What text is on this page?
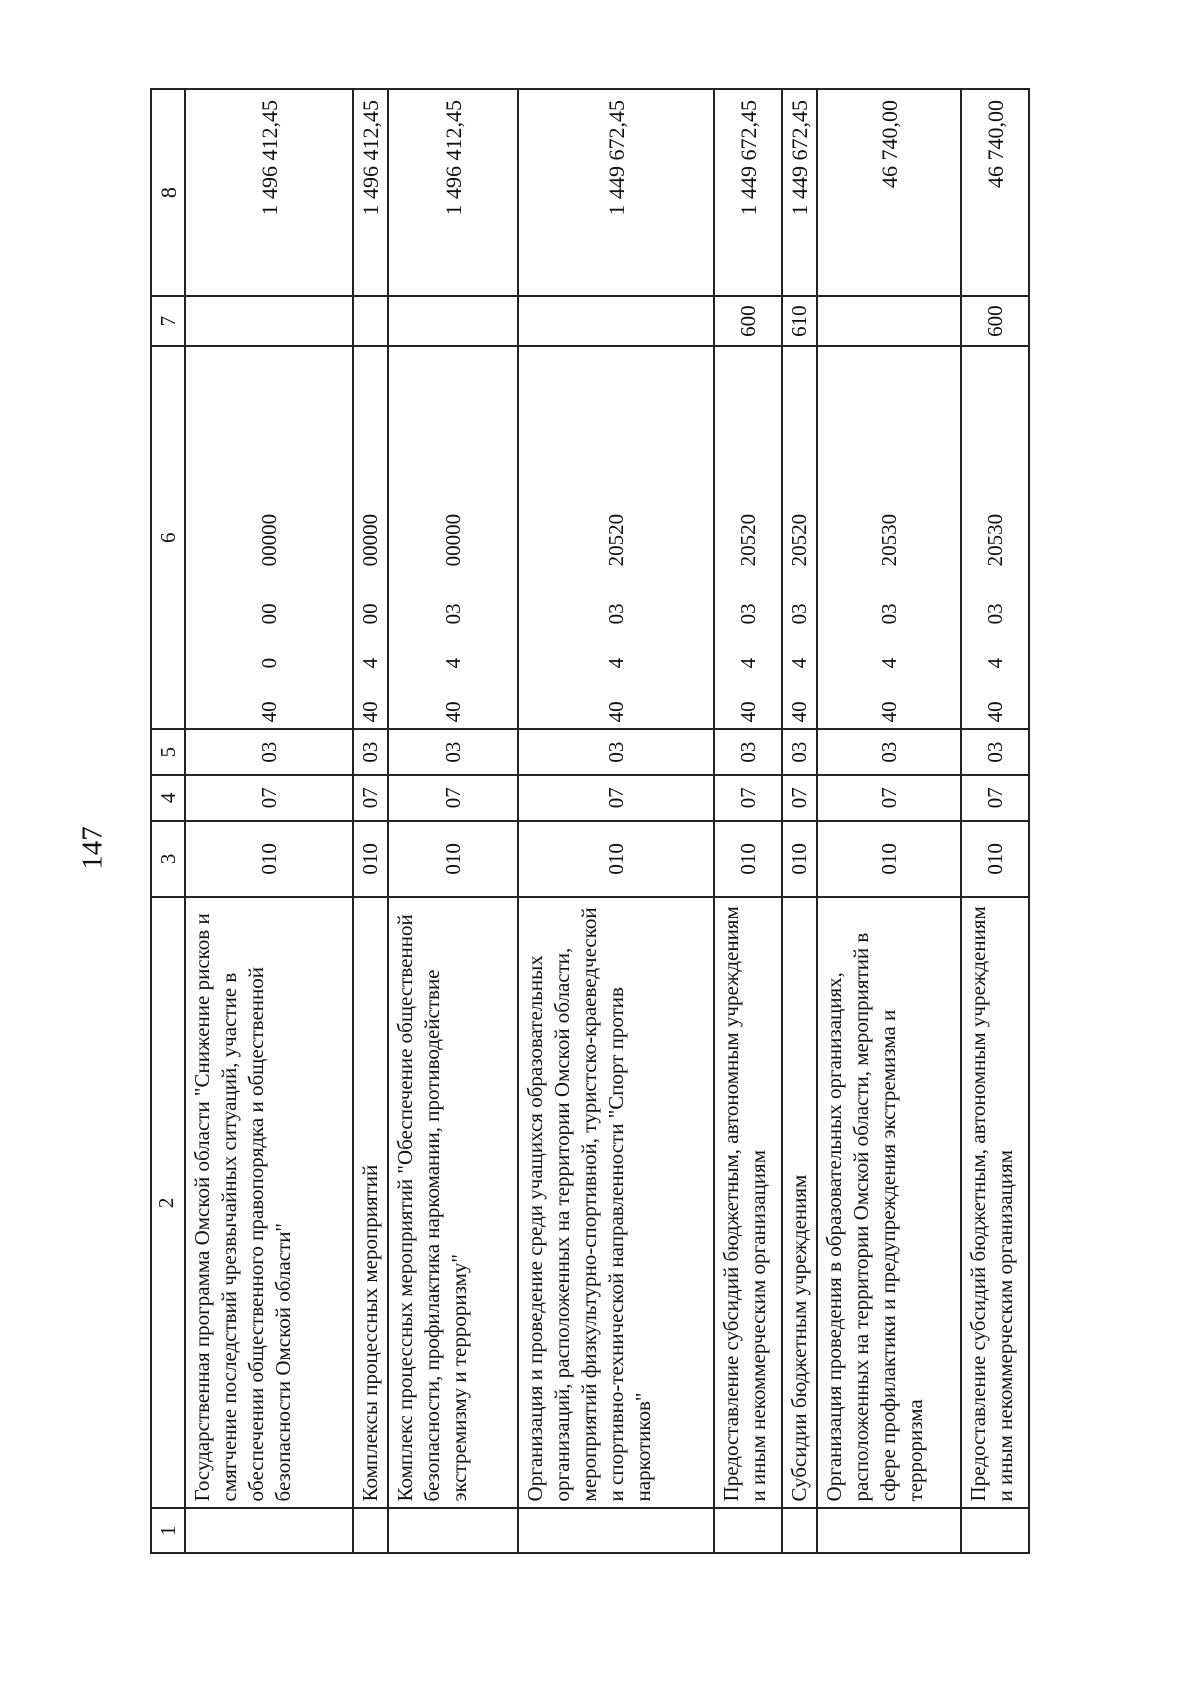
147
1	2	3	4	5	6	7	8
	Государственная программа Омской области "Снижение рисков и смягчение последствий чрезвычайных ситуаций, участие в обеспечении общественного правопорядка и общественной безопасности Омской области"	010	07	03	4000000000		1 496 412,45
	Комплексы процессных мероприятий	010	07	03	4040000000		1 496 412,45
	Комплекс процессных мероприятий "Обеспечение общественной безопасности, профилактика наркомании, противодействие экстремизму и терроризму"	010	07	03	4040300000		1 496 412,45
	Организация и проведение среди учащихся образовательных организаций, расположенных на территории Омской области, мероприятий физкультурно-спортивной, туристско-краеведческой и спортивно-технической направленности "Спорт против наркотиков"	010	07	03	4040320520		1 449 672,45
	Предоставление субсидий бюджетным, автономным учреждениям и иным некоммерческим организациям	010	07	03	4040320520	600	1 449 672,45
	Субсидии бюджетным учреждениям	010	07	03	4040320520	610	1 449 672,45
	Организация проведения в образовательных организациях, расположенных на территории Омской области, мероприятий в сфере профилактики и предупреждения экстремизма и терроризма	010	07	03	4040320530		46 740,00
	Предоставление субсидий бюджетным, автономным учреждениям и иным некоммерческим организациям	010	07	03	4040320530	600	46 740,00
